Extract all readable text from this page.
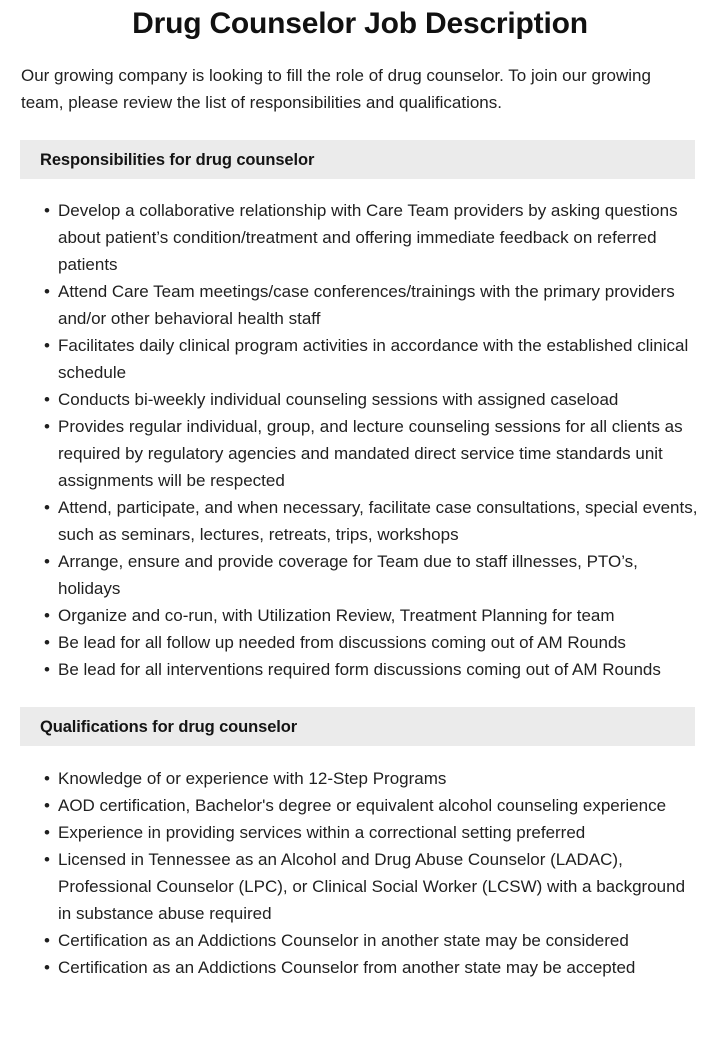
Drug Counselor Job Description

Our growing company is looking to fill the role of drug counselor. To join our growing team, please review the list of responsibilities and qualifications.

Responsibilities for drug counselor
• Develop a collaborative relationship with Care Team providers by asking questions about patient’s condition/treatment and offering immediate feedback on referred patients
• Attend Care Team meetings/case conferences/trainings with the primary providers and/or other behavioral health staff
• Facilitates daily clinical program activities in accordance with the established clinical schedule
• Conducts bi-weekly individual counseling sessions with assigned caseload
• Provides regular individual, group, and lecture counseling sessions for all clients as required by regulatory agencies and mandated direct service time standards unit assignments will be respected
• Attend, participate, and when necessary, facilitate case consultations, special events, such as seminars, lectures, retreats, trips, workshops
• Arrange, ensure and provide coverage for Team due to staff illnesses, PTO’s, holidays
• Organize and co-run, with Utilization Review, Treatment Planning for team
• Be lead for all follow up needed from discussions coming out of AM Rounds
• Be lead for all interventions required form discussions coming out of AM Rounds
Qualifications for drug counselor
• Knowledge of or experience with 12-Step Programs
• AOD certification, Bachelor's degree or equivalent alcohol counseling experience
• Experience in providing services within a correctional setting preferred
• Licensed in Tennessee as an Alcohol and Drug Abuse Counselor (LADAC), Professional Counselor (LPC), or Clinical Social Worker (LCSW) with a background in substance abuse required
• Certification as an Addictions Counselor in another state may be considered
• Certification as an Addictions Counselor from another state may be accepted
